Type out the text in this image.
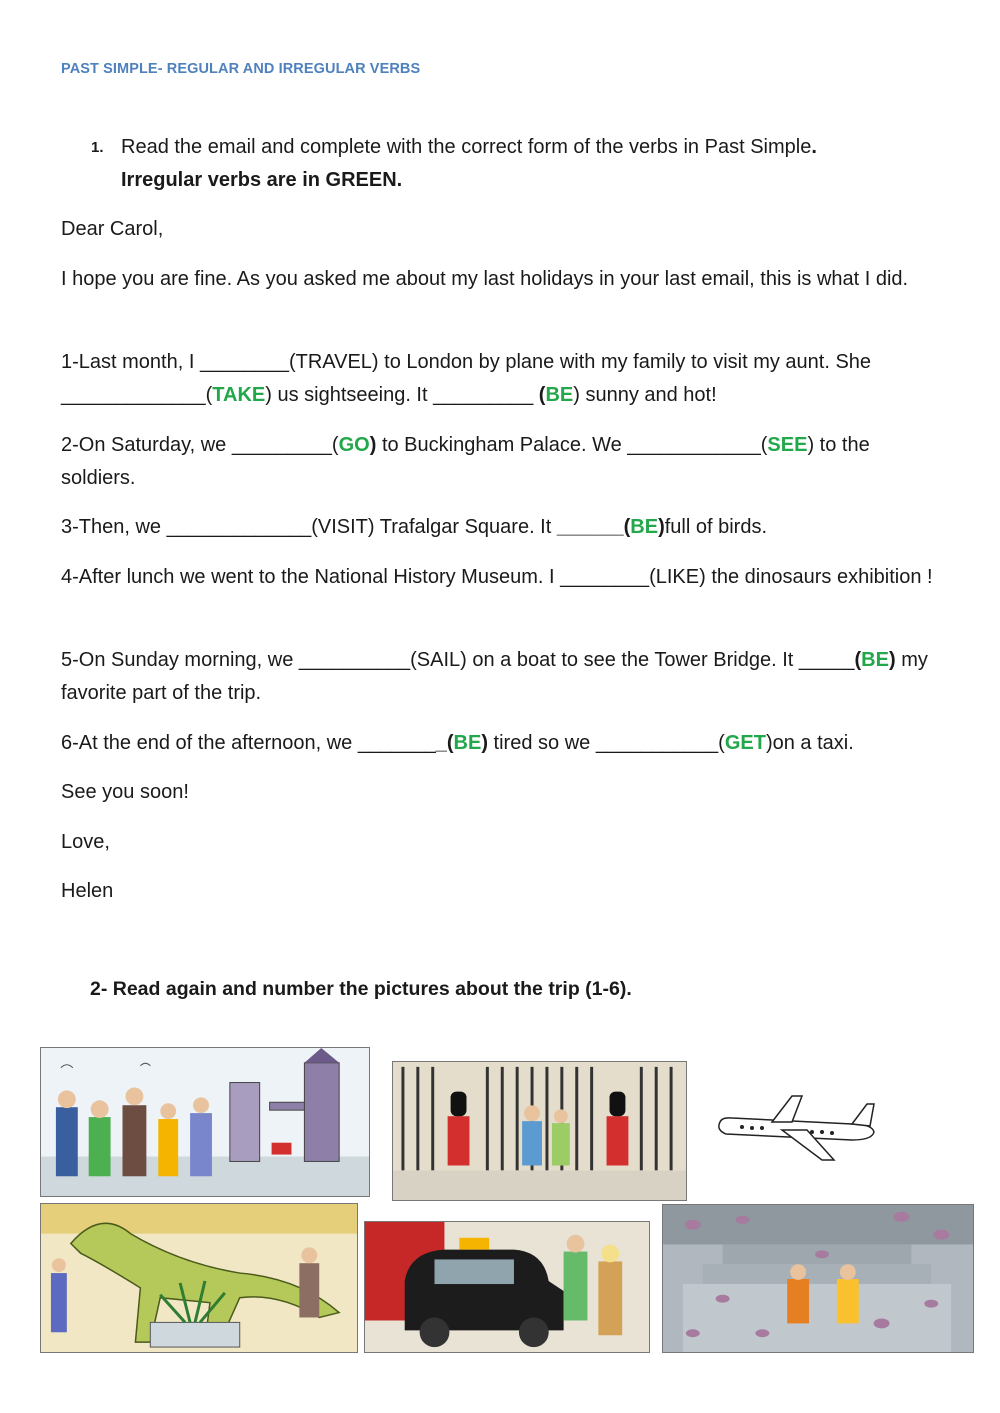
PAST SIMPLE- REGULAR AND IRREGULAR VERBS
1. Read the email and complete with the correct form of the verbs in Past Simple.
Irregular verbs are in GREEN.
Dear Carol,
I hope you are fine. As you asked me about my last holidays in your last email, this is what I did.
1-Last month, I ________(TRAVEL) to London by plane with my family to visit my aunt. She _____________(TAKE) us sightseeing. It _________ (BE) sunny and hot!
2-On Saturday, we _________(GO) to Buckingham Palace. We ____________(SEE) to the soldiers.
3-Then, we _____________(VISIT) Trafalgar Square. It ______(BE)full of birds.
4-After lunch we went to the National History Museum. I ________(LIKE) the dinosaurs exhibition !
5-On Sunday morning, we __________(SAIL) on a boat to see the Tower Bridge. It _____(BE) my favorite part of the trip.
6-At the end of the afternoon, we ________(BE) tired so we ___________(GET)on a taxi.
See you soon!
Love,
Helen
2- Read again and number the pictures about the trip (1-6).
